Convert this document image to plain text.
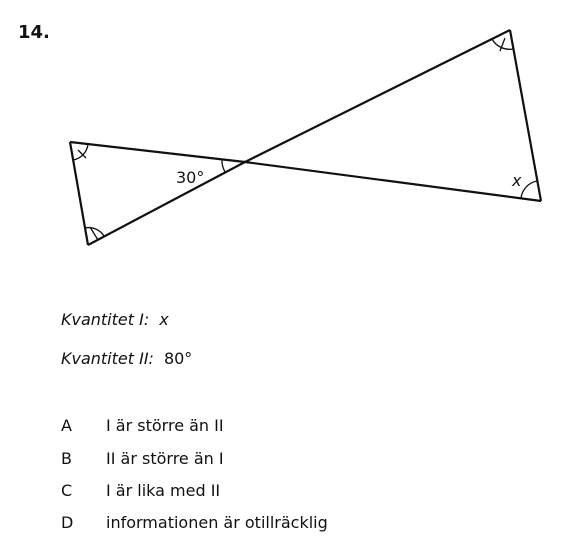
14.
30°	x
Kvantitet I: x
Kvantitet II: 80°
A I är större än II
B II är större än I
C I är lika med II
D informationen är otillräcklig
